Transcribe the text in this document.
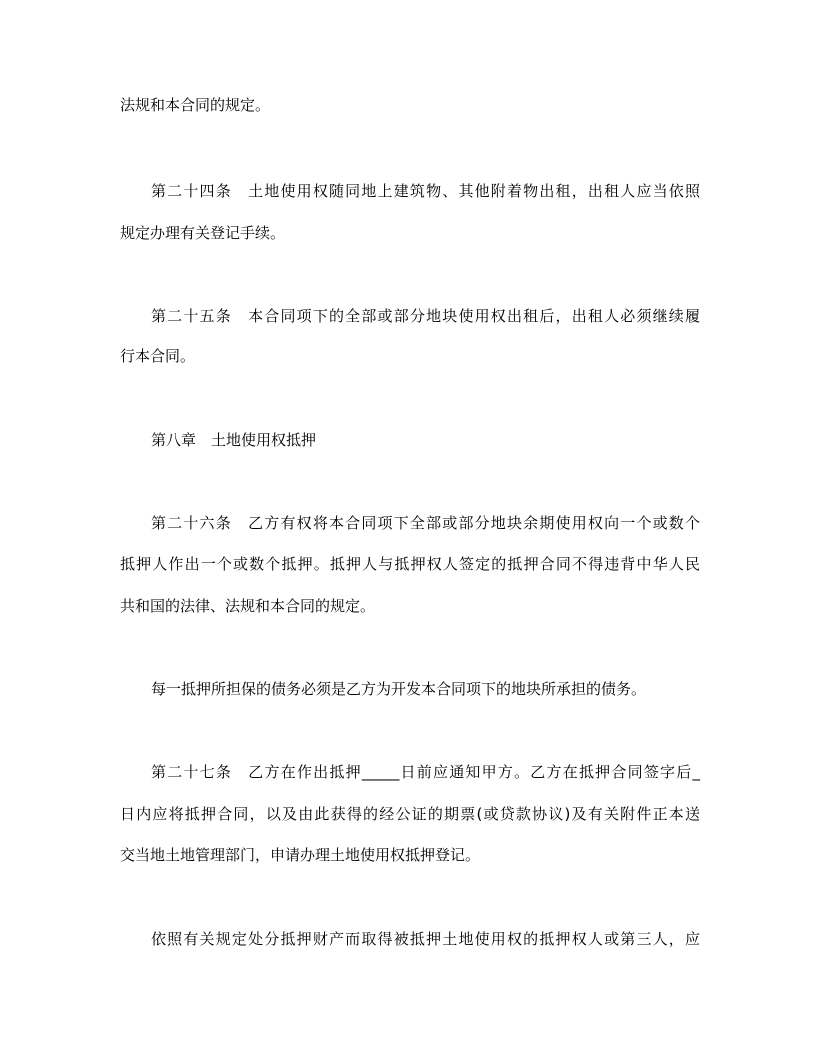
法规和本合同的规定。

第二十四条　土地使用权随同地上建筑物、其他附着物出租，出租人应当依照

规定办理有关登记手续。

第二十五条　本合同项下的全部或部分地块使用权出租后，出租人必须继续履

行本合同。

第八章　土地使用权抵押

第二十六条　乙方有权将本合同项下全部或部分地块余期使用权向一个或数个

抵押人作出一个或数个抵押。抵押人与抵押权人签定的抵押合同不得违背中华人民

共和国的法律、法规和本合同的规定。

每一抵押所担保的债务必须是乙方为开发本合同项下的地块所承担的债务。

第二十七条　乙方在作出抵押_____日前应通知甲方。乙方在抵押合同签字后_

日内应将抵押合同，以及由此获得的经公证的期票(或贷款协议)及有关附件正本送

交当地土地管理部门，申请办理土地使用权抵押登记。

依照有关规定处分抵押财产而取得被抵押土地使用权的抵押权人或第三人，应
